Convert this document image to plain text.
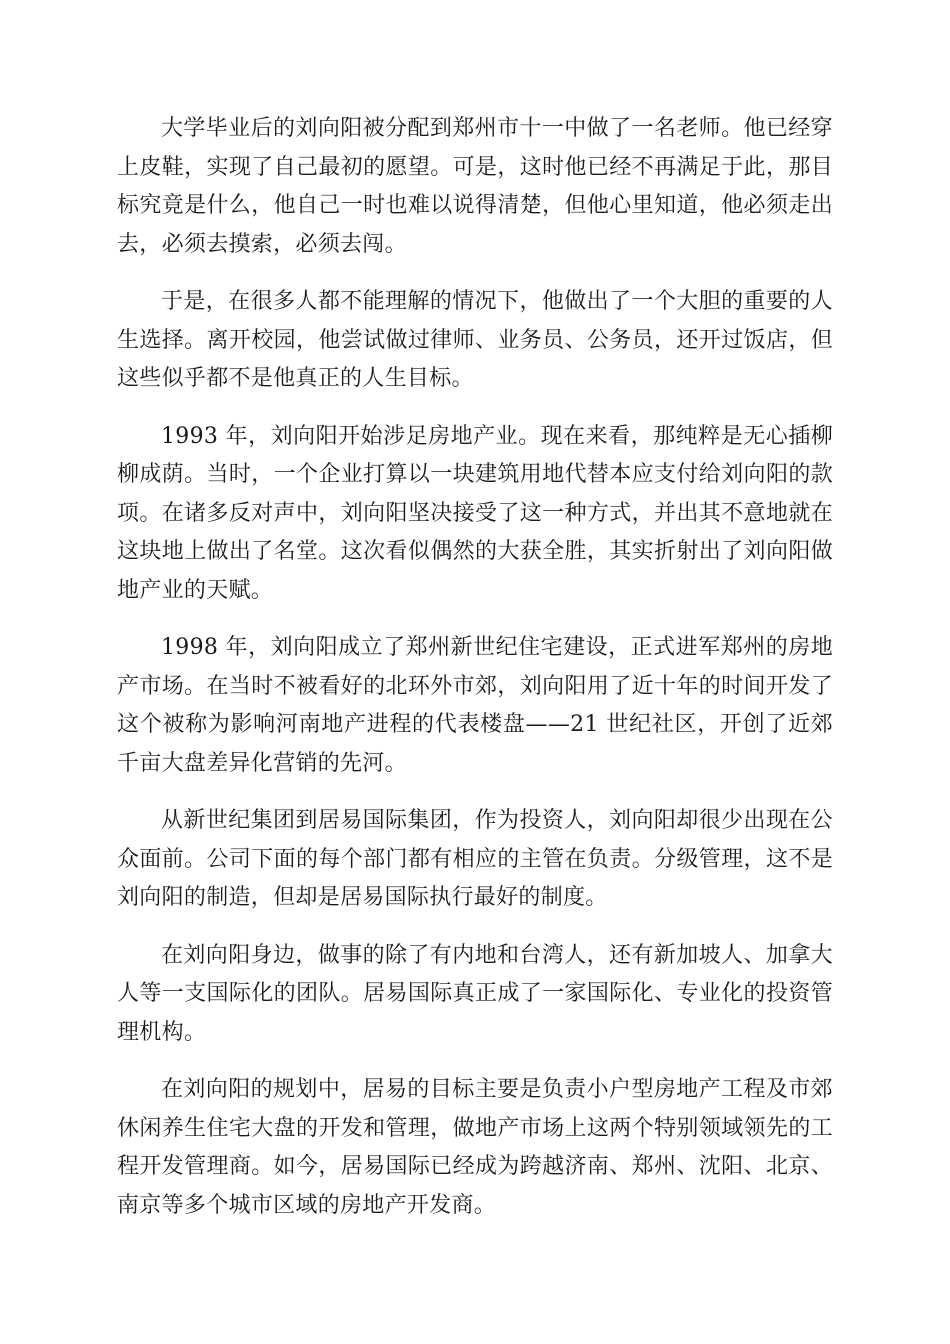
大学毕业后的刘向阳被分配到郑州市十一中做了一名老师。他已经穿上皮鞋，实现了自己最初的愿望。可是，这时他已经不再满足于此，那目标究竟是什么，他自己一时也难以说得清楚，但他心里知道，他必须走出去，必须去摸索，必须去闯。

于是，在很多人都不能理解的情况下，他做出了一个大胆的重要的人生选择。离开校园，他尝试做过律师、业务员、公务员，还开过饭店，但这些似乎都不是他真正的人生目标。

1993 年，刘向阳开始涉足房地产业。现在来看，那纯粹是无心插柳柳成荫。当时，一个企业打算以一块建筑用地代替本应支付给刘向阳的款项。在诸多反对声中，刘向阳坚决接受了这一种方式，并出其不意地就在这块地上做出了名堂。这次看似偶然的大获全胜，其实折射出了刘向阳做地产业的天赋。

1998 年，刘向阳成立了郑州新世纪住宅建设，正式进军郑州的房地产市场。在当时不被看好的北环外市郊，刘向阳用了近十年的时间开发了这个被称为影响河南地产进程的代表楼盘——21 世纪社区，开创了近郊千亩大盘差异化营销的先河。

从新世纪集团到居易国际集团，作为投资人，刘向阳却很少出现在公众面前。公司下面的每个部门都有相应的主管在负责。分级管理，这不是刘向阳的制造，但却是居易国际执行最好的制度。

在刘向阳身边，做事的除了有内地和台湾人，还有新加坡人、加拿大人等一支国际化的团队。居易国际真正成了一家国际化、专业化的投资管理机构。

在刘向阳的规划中，居易的目标主要是负责小户型房地产工程及市郊休闲养生住宅大盘的开发和管理，做地产市场上这两个特别领域领先的工程开发管理商。如今，居易国际已经成为跨越济南、郑州、沈阳、北京、南京等多个城市区域的房地产开发商。
